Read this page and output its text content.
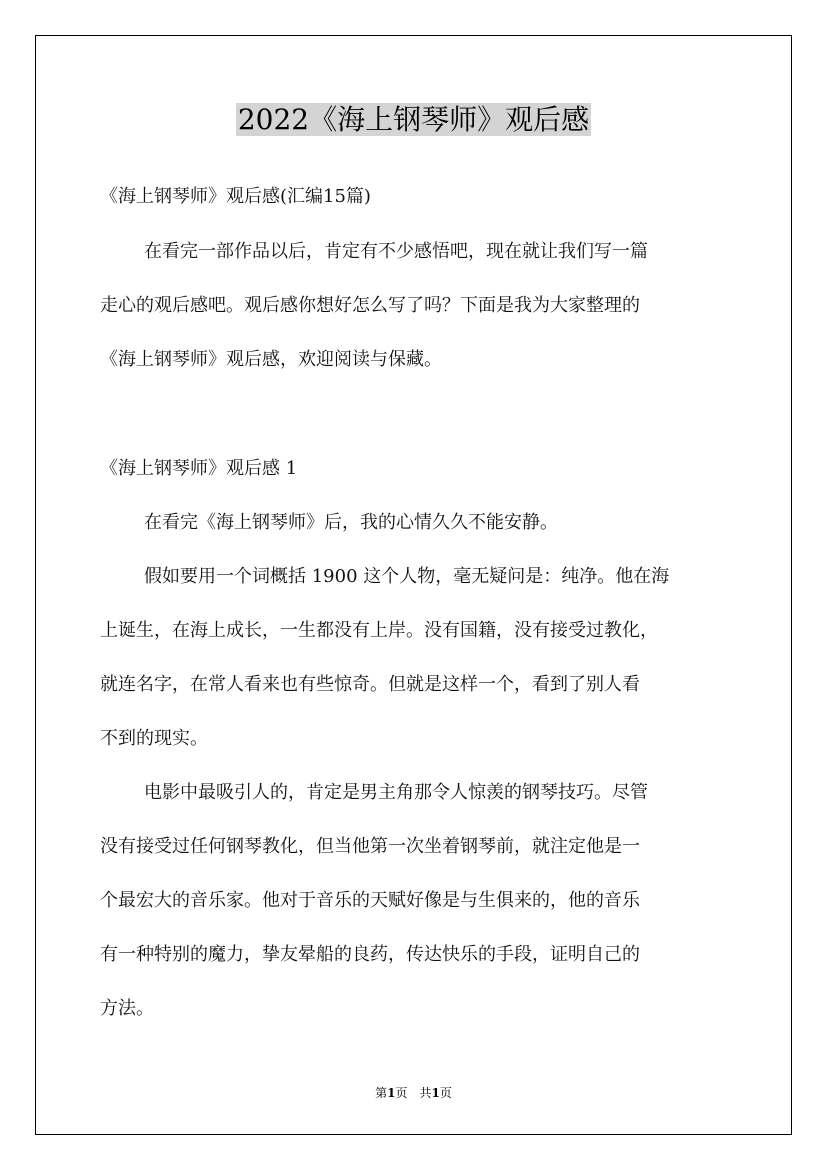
2022《海上钢琴师》观后感
《海上钢琴师》观后感(汇编15篇)
在看完一部作品以后，肯定有不少感悟吧，现在就让我们写一篇
走心的观后感吧。观后感你想好怎么写了吗？下面是我为大家整理的
《海上钢琴师》观后感，欢迎阅读与保藏。
《海上钢琴师》观后感 1
在看完《海上钢琴师》后，我的心情久久不能安静。
假如要用一个词概括 1900 这个人物，毫无疑问是：纯净。他在海
上诞生，在海上成长，一生都没有上岸。没有国籍，没有接受过教化，
就连名字，在常人看来也有些惊奇。但就是这样一个，看到了别人看
不到的现实。
电影中最吸引人的，肯定是男主角那令人惊羡的钢琴技巧。尽管
没有接受过任何钢琴教化，但当他第一次坐着钢琴前，就注定他是一
个最宏大的音乐家。他对于音乐的天赋好像是与生俱来的，他的音乐
有一种特别的魔力，挚友晕船的良药，传达快乐的手段，证明自己的
方法。
第1页　共1页
